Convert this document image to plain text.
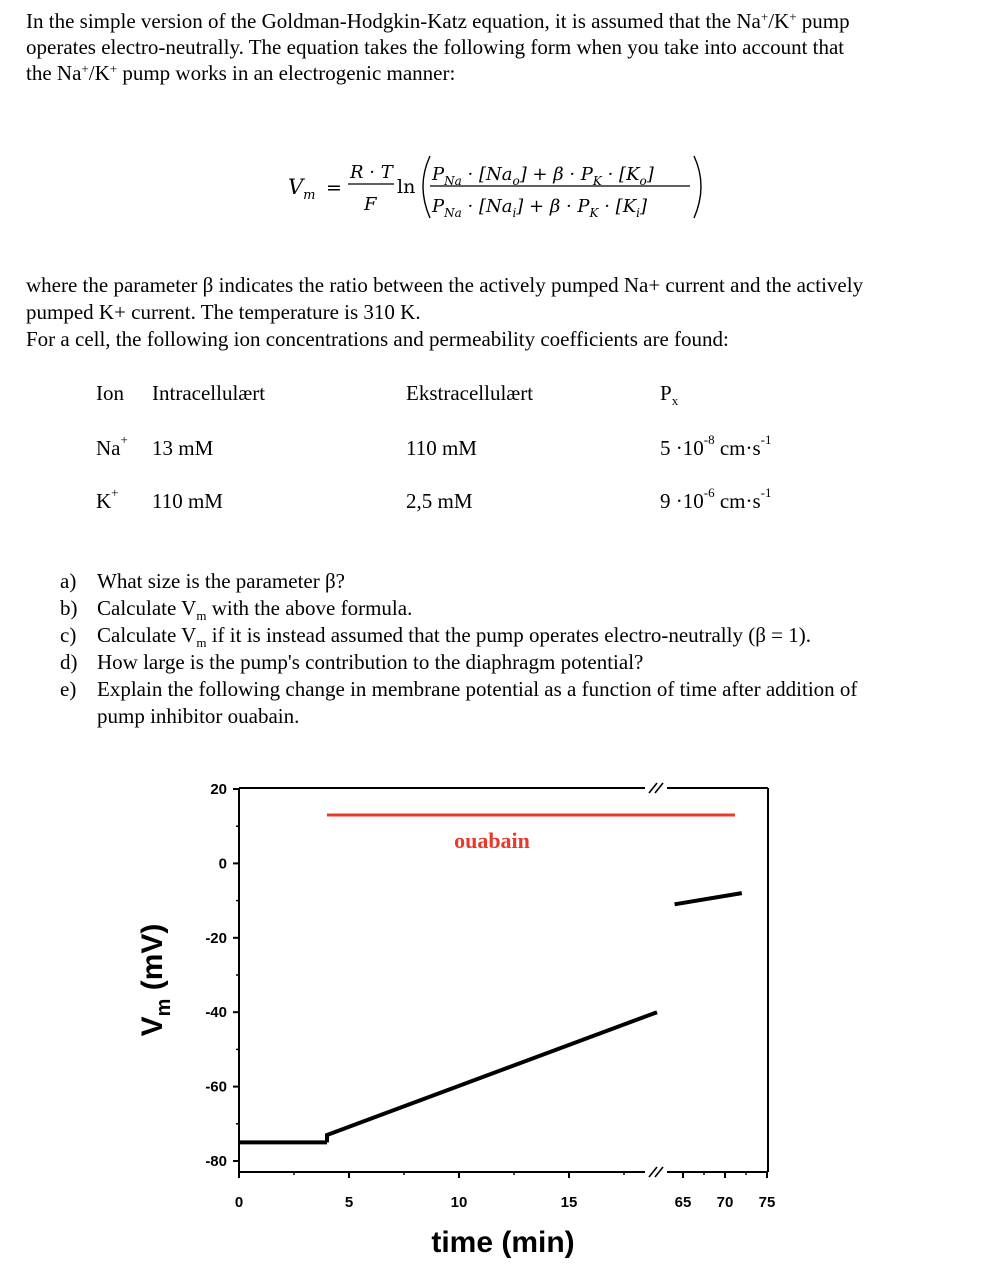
In the simple version of the Goldman-Hodgkin-Katz equation, it is assumed that the Na+/K+ pump
operates electro-neutrally. The equation takes the following form when you take into account that
the Na+/K+ pump works in an electrogenic manner:

$V_m$ =
R · T
F
ln
$P_{Na} \cdot [Na_o] + \beta \cdot P_K \cdot [K_o]$
$P_{Na} \cdot [Na_i] + \beta \cdot P_K \cdot [K_i]$

where the parameter β indicates the ratio between the actively pumped Na+ current and the actively
pumped K+ current. The temperature is 310 K.
For a cell, the following ion concentrations and permeability coefficients are found:

Ion Intracellulært	Ekstracellulært	$P_x$
Na+ 13 mM	110 mM	$5 \cdot 10^{-8}$ $cm\cdot s^{-1}$
K+ 110 mM	2,5 mM	$9 \cdot 10^{-6}$ $cm\cdot s^{-1}$
a) What size is the parameter β?
b) Calculate $V_m$ with the above formula.
c) Calculate $V_m$ if it is instead assumed that the pump operates electro-neutrally (β = 1).
d) How large is the pump's contribution to the diaphragm potential?
e) Explain the following change in membrane potential as a function of time after addition of
pump inhibitor ouabain.
20
0
-20
-40
-60
-80
0	5	10	15	65 70 75
time (min)
$V_m$ (mV)
ouabain
